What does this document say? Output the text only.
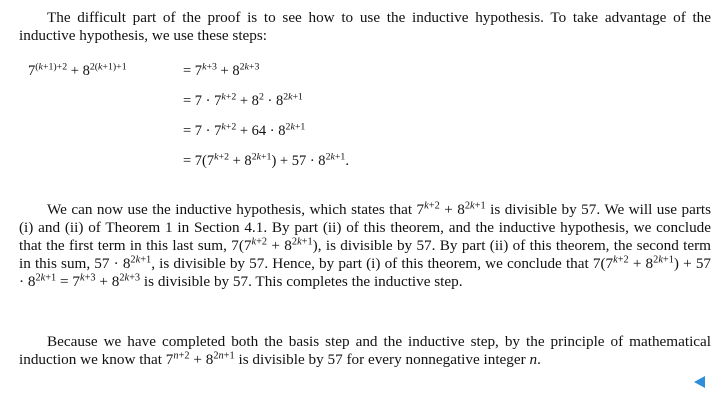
The difficult part of the proof is to see how to use the inductive hypothesis. To take advantage of the inductive hypothesis, we use these steps:

$7^{(k+1)+2} + 8^{2(k+1)+1}$	= $7^{k+3} + 8^{2k+3}$
= $7 \cdot 7^{k+2} + 8^2 \cdot 8^{2k+1}$
= $7 \cdot 7^{k+2} + 64 \cdot 8^{2k+1}$
= $7(7^{k+2} + 8^{2k+1}) + 57 \cdot 8^{2k+1}$.

We can now use the inductive hypothesis, which states that $7^{k+2} + 8^{2k+1}$ is divisible by 57. We will use parts (i) and (ii) of Theorem 1 in Section 4.1. By part (ii) of this theorem, and the inductive hypothesis, we conclude that the first term in this last sum, $7(7^{k+2} + 8^{2k+1})$, is divisible by 57. By part (ii) of this theorem, the second term in this sum, $57 \cdot 8^{2k+1}$, is divisible by 57. Hence, by part (i) of this theorem, we conclude that $7(7^{k+2} + 8^{2k+1}) + 57 \cdot 8^{2k+1} = 7^{k+3} + 8^{2k+3}$ is divisible by 57. This completes the inductive step.

Because we have completed both the basis step and the inductive step, by the principle of mathematical induction we know that $7^{n+2} + 8^{2n+1}$ is divisible by 57 for every nonnegative integer n.
